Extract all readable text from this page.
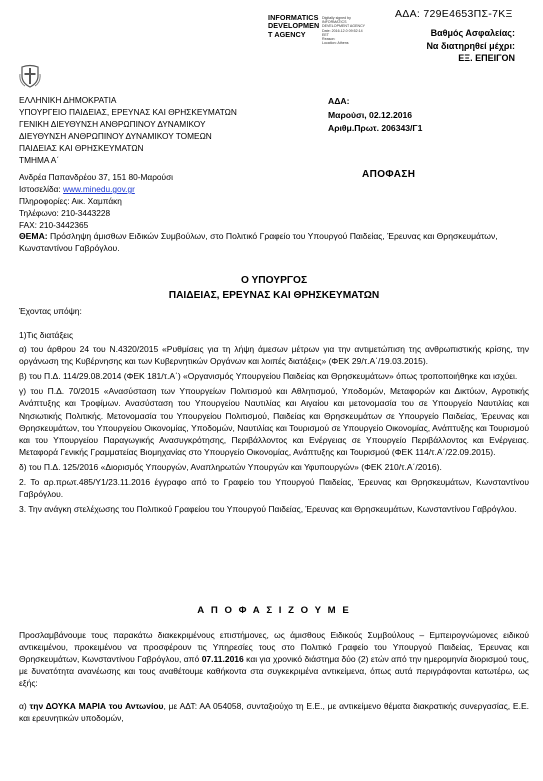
INFORMATICS
DEVELOPMEN
T AGENCY
Digitally signed by
INFORMATICS
DEVELOPMENT AGENCY
Date: 2016.12.0 09:52:14
EET
Reason:
Location: Athens
ΑΔΑ: 729Ε4653ΠΣ-7ΚΞ
Βαθμός Ασφαλείας:
Να διατηρηθεί μέχρι:
ΕΞ. ΕΠΕΙΓΟΝ
ΕΛΛΗΝΙΚΗ ΔΗΜΟΚΡΑΤΙΑ
ΥΠΟΥΡΓΕΙΟ ΠΑΙΔΕΙΑΣ, ΕΡΕΥΝΑΣ ΚΑΙ ΘΡΗΣΚΕΥΜΑΤΩΝ
ΓΕΝΙΚΗ ΔΙΕΥΘΥΝΣΗ ΑΝΘΡΩΠΙΝΟΥ ΔΥΝΑΜΙΚΟΥ
ΔΙΕΥΘΥΝΣΗ ΑΝΘΡΩΠΙΝΟΥ ΔΥΝΑΜΙΚΟΥ ΤΟΜΕΩΝ
ΠΑΙΔΕΙΑΣ ΚΑΙ ΘΡΗΣΚΕΥΜΑΤΩΝ
ΤΜΗΜΑ Α΄
ΑΔΑ:
Μαρούσι, 02.12.2016
Αριθμ.Πρωτ. 206343/Γ1
Ανδρέα Παπανδρέου 37, 151 80-Μαρούσι
Ιστοσελίδα: www.minedu.gov.gr
Πληροφορίες: Αικ. Χαμπάκη
Τηλέφωνο: 210-3443228
FAX: 210-3442365
ΑΠΟΦΑΣΗ
ΘΕΜΑ: Πρόσληψη άμισθων Ειδικών Συμβούλων, στο Πολιτικό Γραφείο του Υπουργού Παιδείας, Έρευνας και Θρησκευμάτων, Κωνσταντίνου Γαβρόγλου.
Ο ΥΠΟΥΡΓΟΣ
ΠΑΙΔΕΙΑΣ, ΕΡΕΥΝΑΣ ΚΑΙ ΘΡΗΣΚΕΥΜΑΤΩΝ
Έχοντας υπόψη:

1)Τις διατάξεις

α) του άρθρου 24 του Ν.4320/2015 «Ρυθμίσεις για τη λήψη άμεσων μέτρων για την αντιμετώπιση της ανθρωπιστικής κρίσης, την οργάνωση της Κυβέρνησης και των Κυβερνητικών Οργάνων και λοιπές διατάξεις» (ΦΕΚ 29/τ.Α΄/19.03.2015).

β) του Π.Δ. 114/29.08.2014 (ΦΕΚ 181/τ.Α΄) «Οργανισμός Υπουργείου Παιδείας και Θρησκευμάτων» όπως τροποποιήθηκε και ισχύει.

γ) του Π.Δ. 70/2015 «Ανασύσταση των Υπουργείων Πολιτισμού και Αθλητισμού, Υποδομών, Μεταφορών και Δικτύων, Αγροτικής Ανάπτυξης και Τροφίμων. Ανασύσταση του Υπουργείου Ναυτιλίας και Αιγαίου και μετονομασία του σε Υπουργείο Ναυτιλίας και Νησιωτικής Πολιτικής. Μετονομασία του Υπουργείου Πολιτισμού, Παιδείας και Θρησκευμάτων σε Υπουργείο Παιδείας, Έρευνας και Θρησκευμάτων, του Υπουργείου Οικονομίας, Υποδομών, Ναυτιλίας και Τουρισμού σε Υπουργείο Οικονομίας, Ανάπτυξης και Τουρισμού και του Υπουργείου Παραγωγικής Ανασυγκρότησης, Περιβάλλοντος και Ενέργειας σε Υπουργείο Περιβάλλοντος και Ενέργειας. Μεταφορά Γενικής Γραμματείας Βιομηχανίας στο Υπουργείο Οικονομίας, Ανάπτυξης και Τουρισμού (ΦΕΚ 114/τ.Α΄/22.09.2015).

δ) του Π.Δ. 125/2016 «Διορισμός Υπουργών, Αναπληρωτών Υπουργών και Υφυπουργών» (ΦΕΚ 210/τ.Α΄/2016).

2. Το αρ.πρωτ.485/Υ1/23.11.2016 έγγραφο από το Γραφείο του Υπουργού Παιδείας, Έρευνας και Θρησκευμάτων, Κωνσταντίνου Γαβρόγλου.

3. Την ανάγκη στελέχωσης του Πολιτικού Γραφείου του Υπουργού Παιδείας, Έρευνας και Θρησκευμάτων, Κωνσταντίνου Γαβρόγλου.

Α Π Ο Φ Α Σ Ι Ζ Ο Υ Μ Ε

Προσλαμβάνουμε τους παρακάτω διακεκριμένους επιστήμονες, ως άμισθους Ειδικούς Συμβούλους – Εμπειρογνώμονες ειδικού αντικειμένου, προκειμένου να προσφέρουν τις Υπηρεσίες τους στο Πολιτικό Γραφείο του Υπουργού Παιδείας, Έρευνας και Θρησκευμάτων, Κωνσταντίνου Γαβρόγλου, από 07.11.2016 και για χρονικό διάστημα δύο (2) ετών από την ημερομηνία διορισμού τους, με δυνατότητα ανανέωσης και τους αναθέτουμε καθήκοντα στα συγκεκριμένα αντικείμενα, όπως αυτά περιγράφονται κατωτέρω, ως εξής:

α) την ΔΟΥΚΑ ΜΑΡΙΑ του Αντωνίου, με ΑΔΤ: ΑΑ 054058, συνταξιούχο τη Ε.Ε., με αντικείμενο θέματα διακρατικής συνεργασίας, Ε.Ε. και ερευνητικών υποδομών,
